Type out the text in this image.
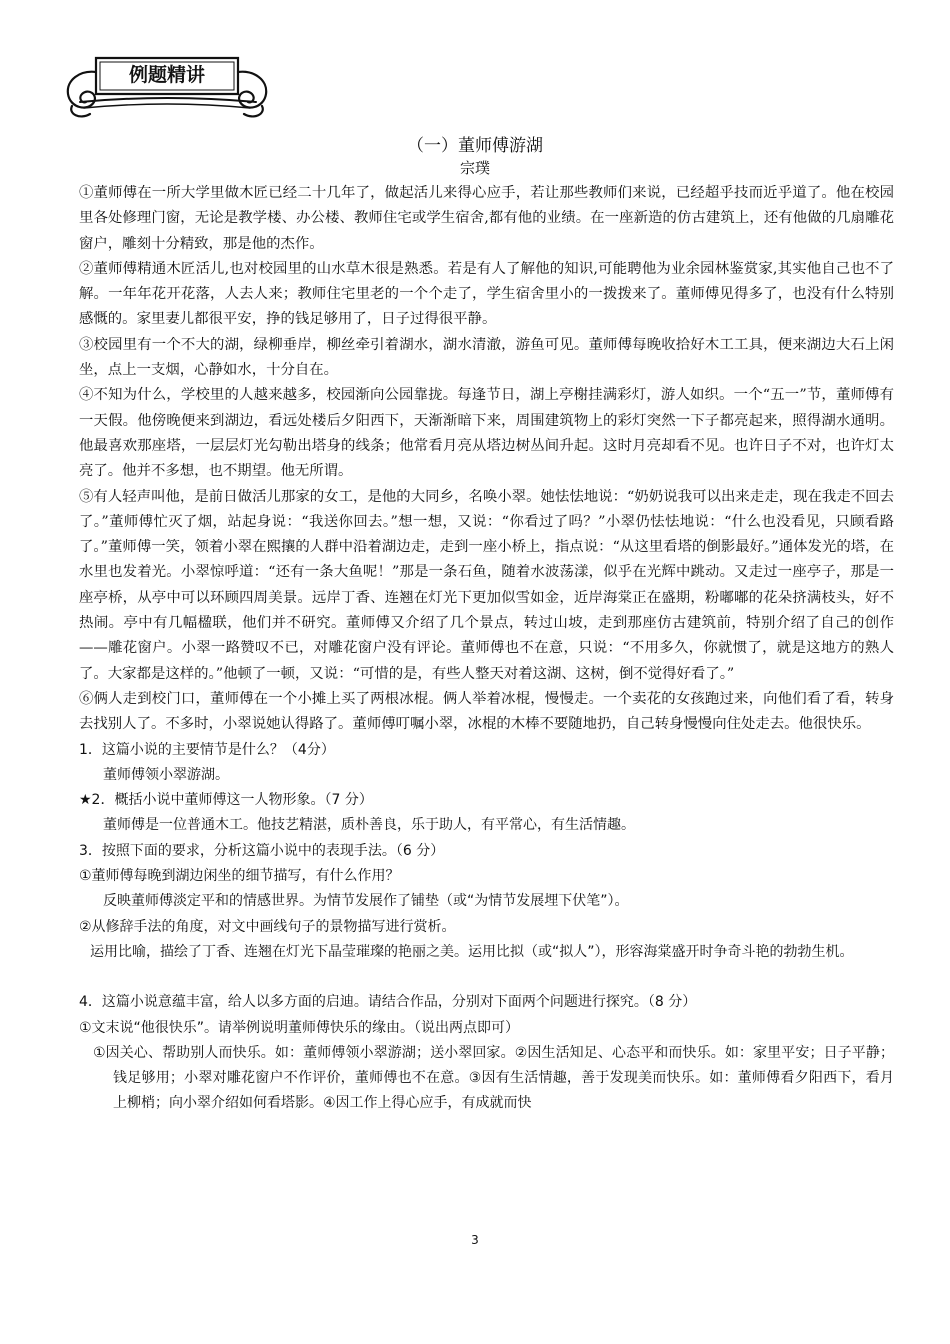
例题精讲
（一）董师傅游湖
宗璞

①董师傅在一所大学里做木匠已经二十几年了，做起活儿来得心应手，若让那些教师们来说，已经超乎技而近乎道了。他在校园里各处修理门窗，无论是教学楼、办公楼、教师住宅或学生宿舍,都有他的业绩。在一座新造的仿古建筑上，还有他做的几扇雕花窗户，雕刻十分精致，那是他的杰作。

②董师傅精通木匠活儿,也对校园里的山水草木很是熟悉。若是有人了解他的知识,可能聘他为业余园林鉴赏家,其实他自己也不了解。一年年花开花落，人去人来；教师住宅里老的一个个走了，学生宿舍里小的一拨拨来了。董师傅见得多了，也没有什么特别感慨的。家里妻儿都很平安，挣的钱足够用了，日子过得很平静。

③校园里有一个不大的湖，绿柳垂岸，柳丝牵引着湖水，湖水清澈，游鱼可见。董师傅每晚收拾好木工工具，便来湖边大石上闲坐，点上一支烟，心静如水，十分自在。

④不知为什么，学校里的人越来越多，校园渐向公园靠拢。每逢节日，湖上亭榭挂满彩灯，游人如织。一个“五一”节，董师傅有一天假。他傍晚便来到湖边，看远处楼后夕阳西下，天渐渐暗下来，周围建筑物上的彩灯突然一下子都亮起来，照得湖水通明。他最喜欢那座塔，一层层灯光勾勒出塔身的线条；他常看月亮从塔边树丛间升起。这时月亮却看不见。也许日子不对，也许灯太亮了。他并不多想，也不期望。他无所谓。

⑤有人轻声叫他，是前日做活儿那家的女工，是他的大同乡，名唤小翠。她怯怯地说：“奶奶说我可以出来走走，现在我走不回去了。”董师傅忙灭了烟，站起身说：“我送你回去。”想一想，又说：“你看过了吗？”小翠仍怯怯地说：“什么也没看见，只顾看路了。”董师傅一笑，领着小翠在熙攘的人群中沿着湖边走，走到一座小桥上，指点说：“从这里看塔的倒影最好。”通体发光的塔，在水里也发着光。小翠惊呼道：“还有一条大鱼呢！”那是一条石鱼，随着水波荡漾，似乎在光辉中跳动。又走过一座亭子，那是一座亭桥，从亭中可以环顾四周美景。远岸丁香、连翘在灯光下更加似雪如金，近岸海棠正在盛期，粉嘟嘟的花朵挤满枝头，好不热闹。亭中有几幅楹联，他们并不研究。董师傅又介绍了几个景点，转过山坡，走到那座仿古建筑前，特别介绍了自己的创作——雕花窗户。小翠一路赞叹不已，对雕花窗户没有评论。董师傅也不在意，只说：“不用多久，你就惯了，就是这地方的熟人了。大家都是这样的。”他顿了一顿，又说：“可惜的是，有些人整天对着这湖、这树，倒不觉得好看了。”

⑥俩人走到校门口，董师傅在一个小摊上买了两根冰棍。俩人举着冰棍，慢慢走。一个卖花的女孩跑过来，向他们看了看，转身去找别人了。不多时，小翠说她认得路了。董师傅叮嘱小翠，冰棍的木棒不要随地扔，自己转身慢慢向住处走去。他很快乐。

1．这篇小说的主要情节是什么？（4分）

董师傅领小翠游湖。

★2．概括小说中董师傅这一人物形象。（7 分）

董师傅是一位普通木工。他技艺精湛，质朴善良，乐于助人，有平常心，有生活情趣。

3．按照下面的要求，分析这篇小说中的表现手法。（6 分）

①董师傅每晚到湖边闲坐的细节描写，有什么作用？

反映董师傅淡定平和的情感世界。为情节发展作了铺垫（或“为情节发展埋下伏笔”）。

②从修辞手法的角度，对文中画线句子的景物描写进行赏析。

运用比喻，描绘了丁香、连翘在灯光下晶莹璀璨的艳丽之美。运用比拟（或“拟人”），形容海棠盛开时争奇斗艳的勃勃生机。

4．这篇小说意蕴丰富，给人以多方面的启迪。请结合作品，分别对下面两个问题进行探究。（8 分）

①文末说“他很快乐”。请举例说明董师傅快乐的缘由。（说出两点即可）

①因关心、帮助别人而快乐。如：董师傅领小翠游湖；送小翠回家。②因生活知足、心态平和而快乐。如：家里平安；日子平静；钱足够用；小翠对雕花窗户不作评价，董师傅也不在意。③因有生活情趣，善于发现美而快乐。如：董师傅看夕阳西下，看月上柳梢；向小翠介绍如何看塔影。④因工作上得心应手，有成就而快

3
